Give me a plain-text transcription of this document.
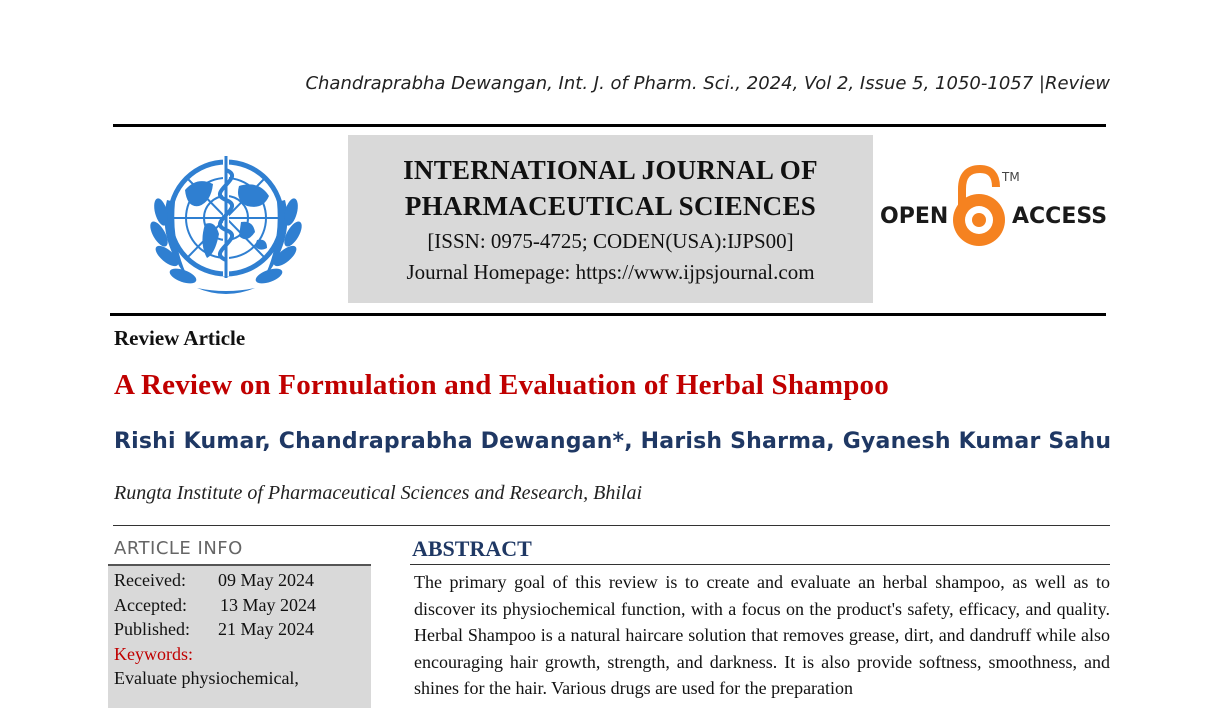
Chandraprabha Dewangan, Int. J. of Pharm. Sci., 2024, Vol 2, Issue 5, 1050-1057 |Review
INTERNATIONAL JOURNAL OF
PHARMACEUTICAL SCIENCES
[ISSN: 0975-4725; CODEN(USA):IJPS00]
Journal Homepage: https://www.ijpsjournal.com
OPEN
TM
ACCESS
Review Article
A Review on Formulation and Evaluation of Herbal Shampoo
Rishi Kumar, Chandraprabha Dewangan*, Harish Sharma, Gyanesh Kumar Sahu
Rungta Institute of Pharmaceutical Sciences and Research, Bhilai
ARTICLE INFO
Received: 09 May 2024
Accepted: 13 May 2024
Published: 21 May 2024
Keywords:
Evaluate physiochemical,
ABSTRACT
The primary goal of this review is to create and evaluate an herbal shampoo, as well as to discover its physiochemical function, with a focus on the product's safety, efficacy, and quality. Herbal Shampoo is a natural haircare solution that removes grease, dirt, and dandruff while also encouraging hair growth, strength, and darkness. It is also provide softness, smoothness, and shines for the hair. Various drugs are used for the preparation
